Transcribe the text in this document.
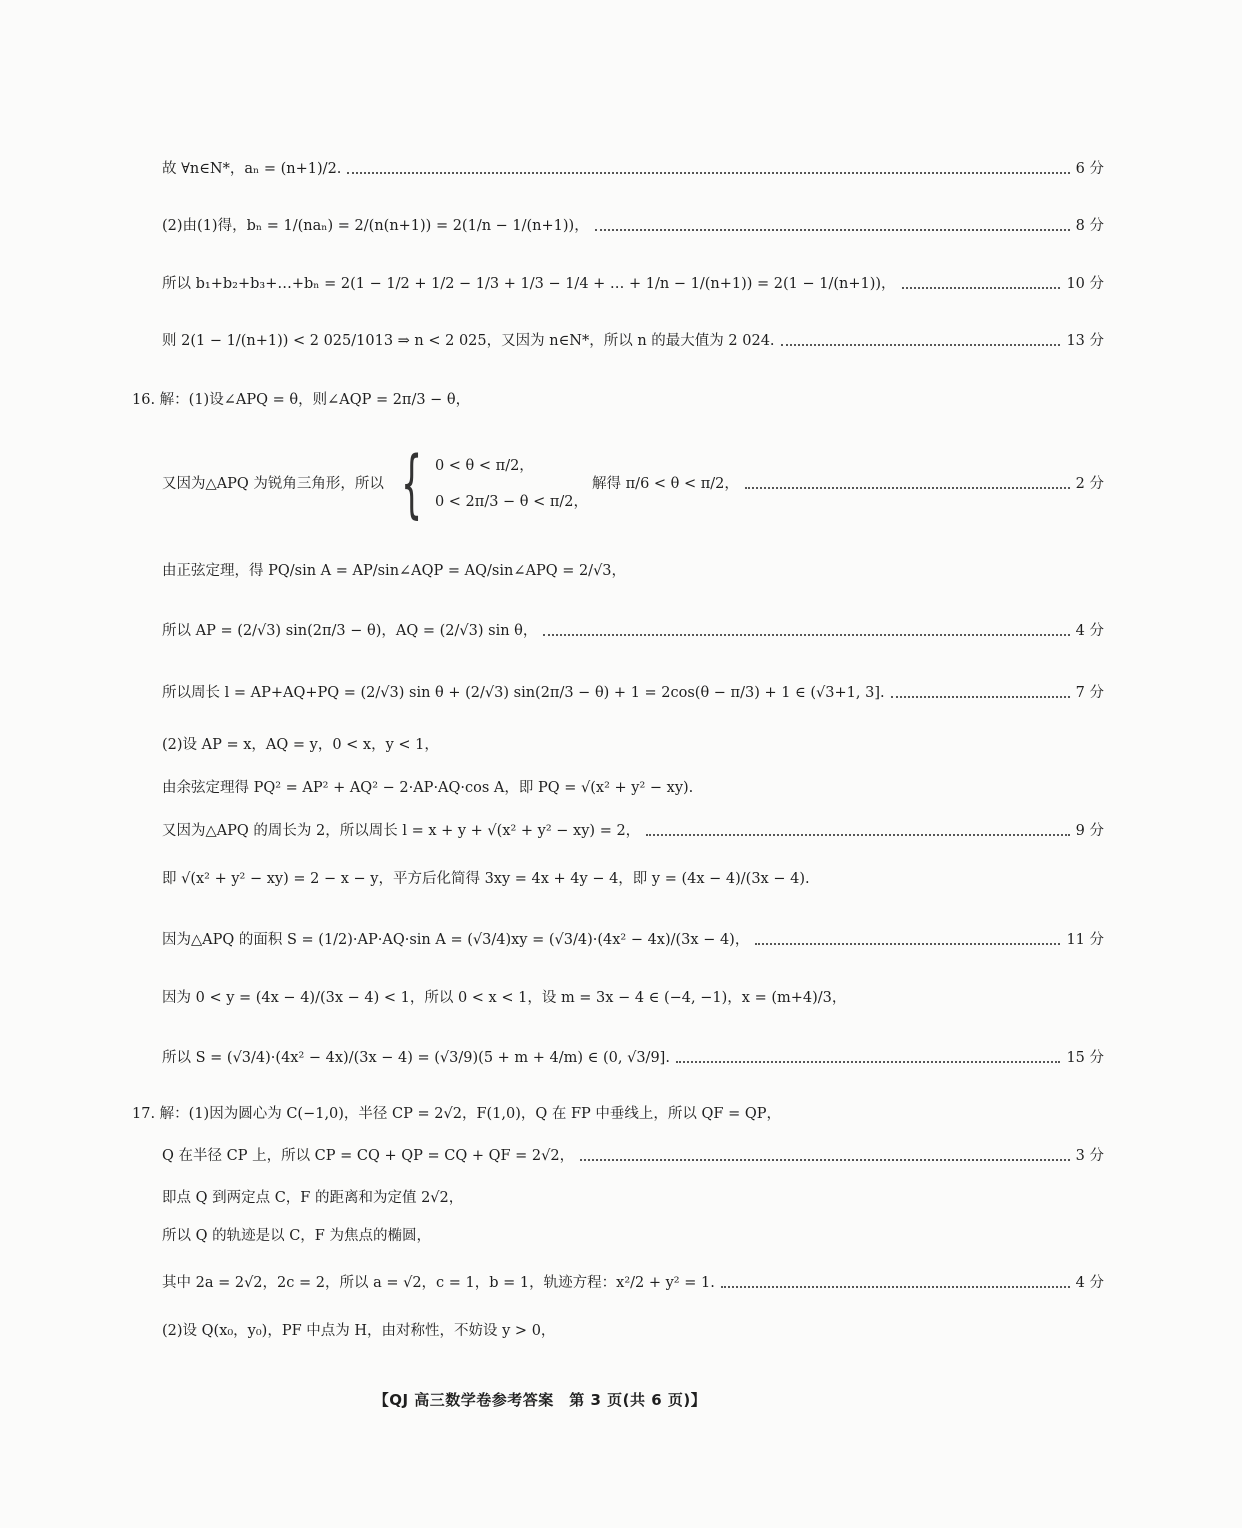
故 ∀n∈N*，aₙ = (n+1)/2.	6 分
(2)由(1)得，bₙ = 1/(naₙ) = 2/(n(n+1)) = 2(1/n − 1/(n+1))，	8 分
所以 b₁+b₂+b₃+…+bₙ = 2(1 − 1/2 + 1/2 − 1/3 + 1/3 − 1/4 + … + 1/n − 1/(n+1)) = 2(1 − 1/(n+1))，	10 分
则 2(1 − 1/(n+1)) < 2 025/1013 ⇒ n < 2 025，又因为 n∈N*，所以 n 的最大值为 2 024.	13 分
16. 解：(1)设∠APQ = θ，则∠AQP = 2π/3 − θ，
又因为△APQ 为锐角三角形，所以 { 0 < θ < π/2，
0 < 2π/3 − θ < π/2，
解得 π/6 < θ < π/2，	2 分
由正弦定理，得 PQ/sin A = AP/sin∠AQP = AQ/sin∠APQ = 2/√3，
所以 AP = (2/√3) sin(2π/3 − θ)，AQ = (2/√3) sin θ，	4 分
所以周长 l = AP+AQ+PQ = (2/√3) sin θ + (2/√3) sin(2π/3 − θ) + 1 = 2cos(θ − π/3) + 1 ∈ (√3+1, 3].	7 分
(2)设 AP = x，AQ = y，0 < x，y < 1，
由余弦定理得 PQ² = AP² + AQ² − 2·AP·AQ·cos A，即 PQ = √(x² + y² − xy).
又因为△APQ 的周长为 2，所以周长 l = x + y + √(x² + y² − xy) = 2，	9 分
即 √(x² + y² − xy) = 2 − x − y，平方后化简得 3xy = 4x + 4y − 4，即 y = (4x − 4)/(3x − 4).
因为△APQ 的面积 S = (1/2)·AP·AQ·sin A = (√3/4)xy = (√3/4)·(4x² − 4x)/(3x − 4)，	11 分
因为 0 < y = (4x − 4)/(3x − 4) < 1，所以 0 < x < 1，设 m = 3x − 4 ∈ (−4, −1)，x = (m+4)/3，
所以 S = (√3/4)·(4x² − 4x)/(3x − 4) = (√3/9)(5 + m + 4/m) ∈ (0, √3/9].	15 分
17. 解：(1)因为圆心为 C(−1,0)，半径 CP = 2√2，F(1,0)，Q 在 FP 中垂线上，所以 QF = QP，
Q 在半径 CP 上，所以 CP = CQ + QP = CQ + QF = 2√2，	3 分
即点 Q 到两定点 C，F 的距离和为定值 2√2，
所以 Q 的轨迹是以 C，F 为焦点的椭圆，
其中 2a = 2√2，2c = 2，所以 a = √2，c = 1，b = 1，轨迹方程：x²/2 + y² = 1.	4 分
(2)设 Q(x₀，y₀)，PF 中点为 H，由对称性，不妨设 y > 0，
【QJ 高三数学卷参考答案　第 3 页(共 6 页)】
